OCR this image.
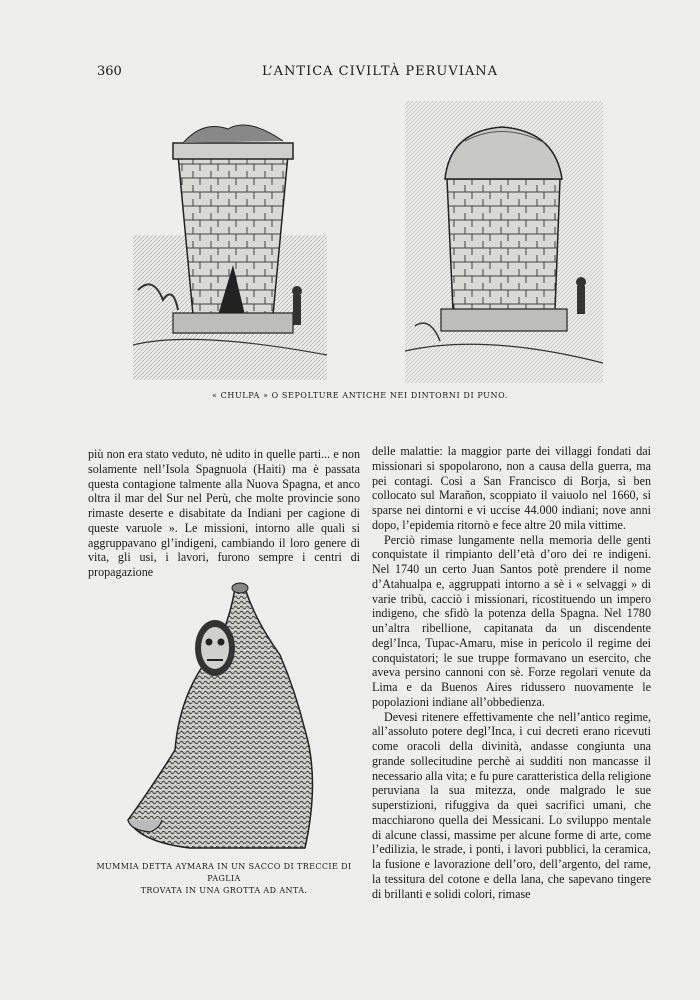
360	L’ANTICA CIVILTÀ PERUVIANA
« CHULPA » O SEPOLTURE ANTICHE NEI DINTORNI DI PUNO.

più non era stato veduto, nè udito in quelle parti... e non solamente nell’Isola Spagnuola (Haiti) ma è passata questa contagione talmente alla Nuova Spagna, et anco oltra il mar del Sur nel Perù, che molte provincie sono rimaste deserte e disabitate da Indiani per cagione di queste varuole ». Le missioni, intorno alle quali si aggruppavano gl’indigeni, cambiando il loro genere di vita, gli usi, i lavori, furono sempre i centri di propagazione

MUMMIA DETTA AYMARA IN UN SACCO DI TRECCIE DI PAGLIA
TROVATA IN UNA GROTTA AD ANTA.

delle malattie: la maggior parte dei villaggi fondati dai missionari si spopolarono, non a causa della guerra, ma pei contagi. Così a San Francisco di Borja, sì ben collocato sul Marañon, scoppiato il vaiuolo nel 1660, si sparse nei dintorni e vi uccise 44.000 indiani; nove anni dopo, l’epidemia ritornò e fece altre 20 mila vittime.

Perciò rimase lungamente nella memoria delle genti conquistate il rimpianto dell’età d’oro dei re indigeni. Nel 1740 un certo Juan Santos potè prendere il nome d’Atahualpa e, aggruppati intorno a sè i « selvaggi » di varie tribù, cacciò i missionari, ricostituendo un impero indigeno, che sfidò la potenza della Spagna. Nel 1780 un’altra ribellione, capitanata da un discendente degl’Inca, Tupac-Amaru, mise in pericolo il regime dei conquistatori; le sue truppe formavano un esercito, che aveva persino cannoni con sè. Forze regolari venute da Lima e da Buenos Aires ridussero nuovamente le popolazioni indiane all’obbedienza.

Devesi ritenere effettivamente che nell’antico regime, all’assoluto potere degl’Inca, i cui decreti erano ricevuti come oracoli della divinità, andasse congiunta una grande sollecitudine perchè ai sudditi non mancasse il necessario alla vita; e fu pure caratteristica della religione peruviana la sua mitezza, onde malgrado le sue superstizioni, rifuggiva da quei sacrifici umani, che macchiarono quella dei Messicani. Lo sviluppo mentale di alcune classi, massime per alcune forme di arte, come l’edilizia, le strade, i ponti, i lavori pubblici, la ceramica, la fusione e lavorazione dell’oro, dell’argento, del rame, la tessitura del cotone e della lana, che sapevano tingere di brillanti e solidi colori, rimase
